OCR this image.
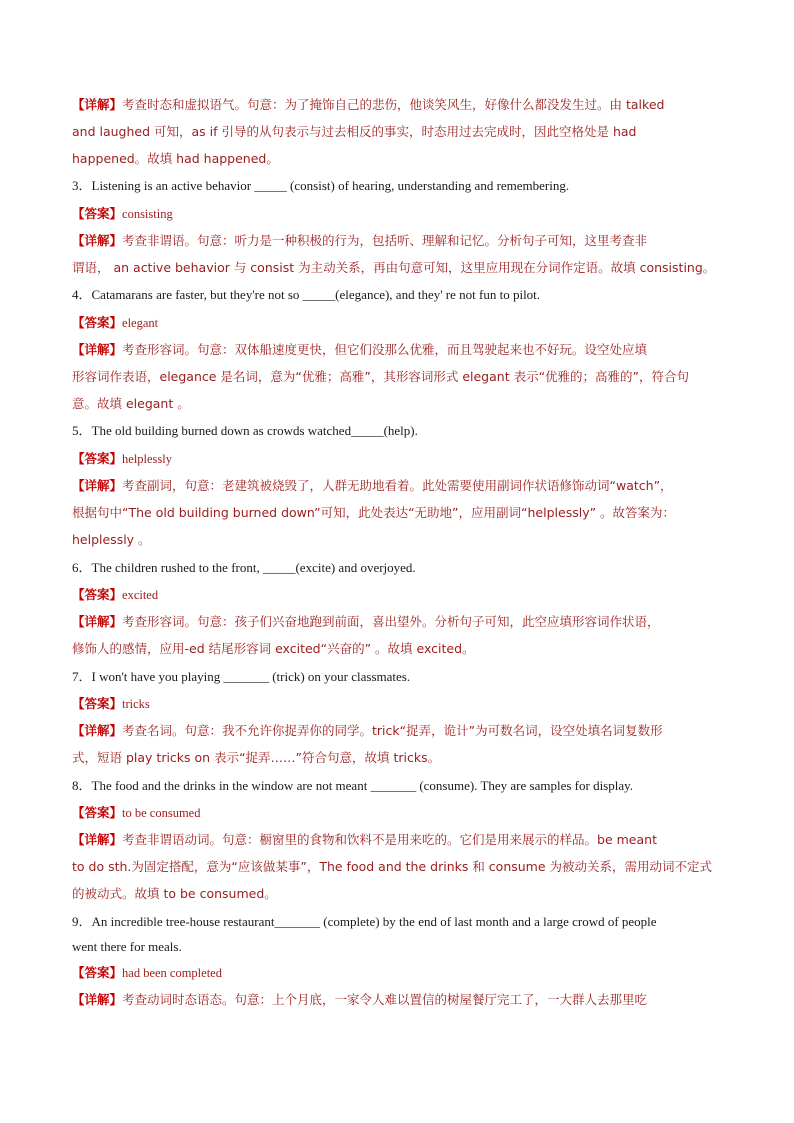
【详解】考查时态和虚拟语气。句意：为了掩饰自己的悲伤，他谈笑风生，好像什么都没发生过。由 talked
and laughed 可知，as if 引导的从句表示与过去相反的事实，时态用过去完成时，因此空格处是 had
happened。故填 had happened。
3．Listening is an active behavior _____ (consist) of hearing, understanding and remembering.
【答案】consisting
【详解】考查非谓语。句意：听力是一种积极的行为，包括听、理解和记忆。分析句子可知，这里考查非
谓语， an active behavior 与 consist 为主动关系，再由句意可知，这里应用现在分词作定语。故填 consisting。
4．Catamarans are faster, but they're not so _____(elegance), and they' re not fun to pilot.
【答案】elegant
【详解】考查形容词。句意：双体船速度更快，但它们没那么优雅，而且驾驶起来也不好玩。设空处应填
形容词作表语，elegance 是名词，意为“优雅；高雅”，其形容词形式 elegant 表示“优雅的；高雅的”，符合句
意。故填 elegant 。
5．The old building burned down as crowds watched_____(help).
【答案】helplessly
【详解】考查副词，句意：老建筑被烧毁了，人群无助地看着。此处需要使用副词作状语修饰动词“watch”，
根据句中“The old building burned down”可知，此处表达“无助地”，应用副词“helplessly” 。故答案为：
helplessly 。
6．The children rushed to the front, _____(excite) and overjoyed.
【答案】excited
【详解】考查形容词。句意：孩子们兴奋地跑到前面，喜出望外。分析句子可知，此空应填形容词作状语，
修饰人的感情，应用-ed 结尾形容词 excited“兴奋的” 。故填 excited。
7．I won't have you playing _______ (trick) on your classmates.
【答案】tricks
【详解】考查名词。句意：我不允许你捉弄你的同学。trick“捉弄，诡计”为可数名词，设空处填名词复数形
式，短语 play tricks on 表示“捉弄……”符合句意，故填 tricks。
8．The food and the drinks in the window are not meant _______ (consume). They are samples for display.
【答案】to be consumed
【详解】考查非谓语动词。句意：橱窗里的食物和饮料不是用来吃的。它们是用来展示的样品。be meant
to do sth.为固定搭配，意为“应该做某事”，The food and the drinks 和 consume 为被动关系，需用动词不定式
的被动式。故填 to be consumed。
9．An incredible tree-house restaurant_______ (complete) by the end of last month and a large crowd of people
went there for meals.
【答案】had been completed
【详解】考查动词时态语态。句意：上个月底，一家令人难以置信的树屋餐厅完工了，一大群人去那里吃
